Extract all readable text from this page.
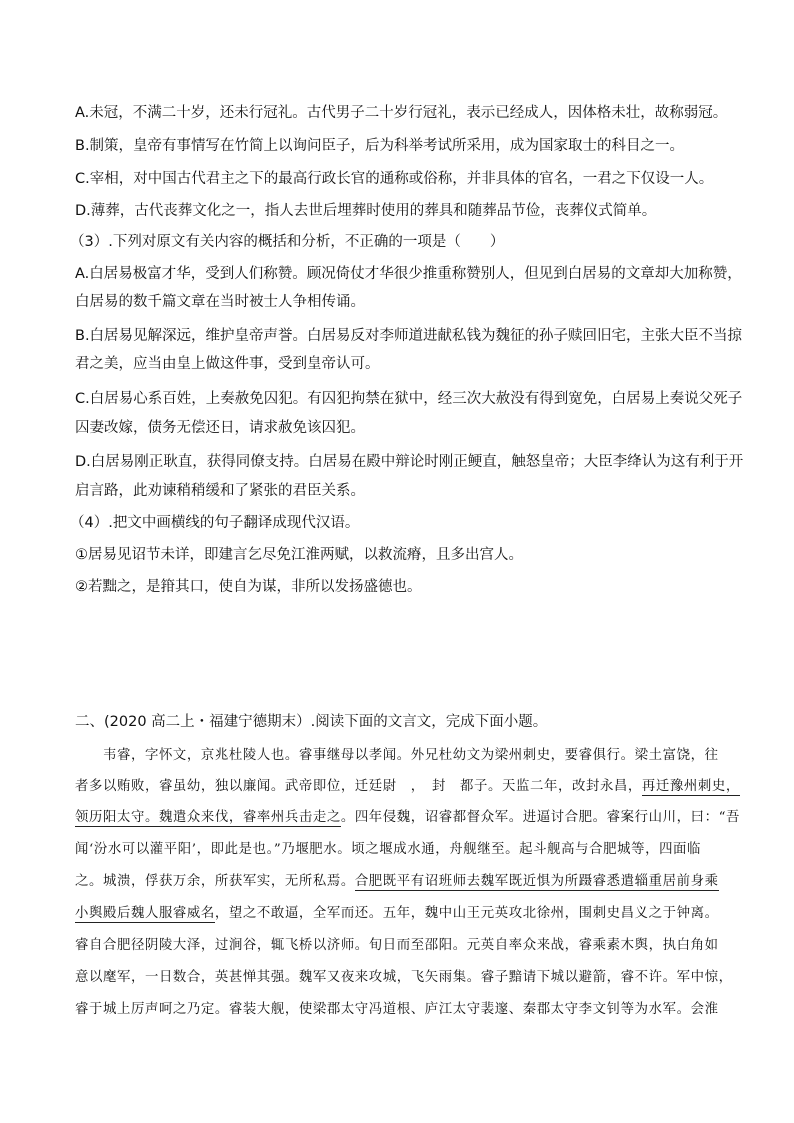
A.未冠，不满二十岁，还未行冠礼。古代男子二十岁行冠礼，表示已经成人，因体格未壮，故称弱冠。
B.制策，皇帝有事情写在竹简上以询问臣子，后为科举考试所采用，成为国家取士的科目之一。
C.宰相，对中国古代君主之下的最高行政长官的通称或俗称，并非具体的官名，一君之下仅设一人。
D.薄葬，古代丧葬文化之一，指人去世后埋葬时使用的葬具和随葬品节俭，丧葬仪式简单。
（3）.下列对原文有关内容的概括和分析，不正确的一项是（　　）
A.白居易极富才华，受到人们称赞。顾况倚仗才华很少推重称赞别人，但见到白居易的文章却大加称赞，
白居易的数千篇文章在当时被士人争相传诵。
B.白居易见解深远，维护皇帝声誉。白居易反对李师道进献私钱为魏征的孙子赎回旧宅，主张大臣不当掠
君之美，应当由皇上做这件事，受到皇帝认可。
C.白居易心系百姓，上奏赦免囚犯。有囚犯拘禁在狱中，经三次大赦没有得到宽免，白居易上奏说父死子
囚妻改嫁，债务无偿还日，请求赦免该囚犯。
D.白居易刚正耿直，获得同僚支持。白居易在殿中辩论时刚正鲠直，触怒皇帝；大臣李绛认为这有利于开
启言路，此劝谏稍稍缓和了紧张的君臣关系。
（4）.把文中画横线的句子翻译成现代汉语。
①居易见诏节未详，即建言乞尽免江淮两赋，以救流瘠，且多出宫人。
②若黜之，是箝其口，使自为谋，非所以发扬盛德也。
二、(2020 高二上・福建宁德期末）.阅读下面的文言文，完成下面小题。
　　韦睿，字怀文，京兆杜陵人也。睿事继母以孝闻。外兄杜幼文为梁州刺史，要睿俱行。梁土富饶，往
者多以贿败，睿虽幼，独以廉闻。武帝即位，迁廷尉　，　封　都子。天监二年，改封永昌，再迁豫州刺史，
领历阳太守。魏遣众来伐，睿率州兵击走之。四年侵魏，诏睿都督众军。进逼讨合肥。睿案行山川，曰：“吾
闻‘汾水可以灌平阳’，即此是也。”乃堰肥水。顷之堰成水通，舟舰继至。起斗舰高与合肥城等，四面临
之。城溃，俘获万余，所获军实，无所私焉。合肥既平有诏班师去魏军既近惧为所蹑睿悉遣辎重居前身乘
小舆殿后魏人服睿威名，望之不敢逼，全军而还。五年，魏中山王元英攻北徐州，围刺史昌义之于钟离。
睿自合肥径阴陵大泽，过涧谷，辄飞桥以济师。旬日而至邵阳。元英自率众来战，睿乘素木舆，执白角如
意以麾军，一日数合，英甚惮其强。魏军又夜来攻城，飞矢雨集。睿子黯请下城以避箭，睿不许。军中惊，
睿于城上厉声呵之乃定。睿装大舰，使梁郡太守冯道根、庐江太守裴邃、秦郡太守李文钊等为水军。会淮
